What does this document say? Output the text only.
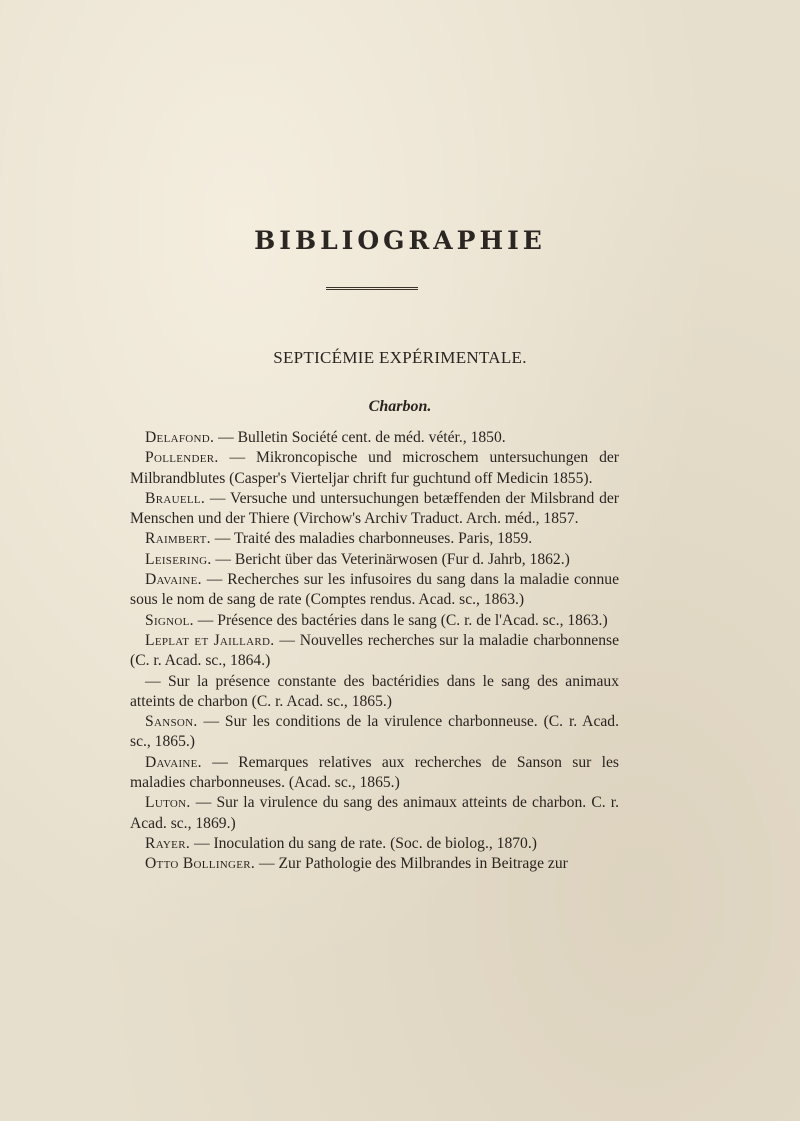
BIBLIOGRAPHIE
SEPTICÉMIE EXPÉRIMENTALE.
Charbon.

Delafond. — Bulletin Société cent. de méd. vétér., 1850.

Pollender. — Mikroncopische und microschem untersuchungen der Milbrandblutes (Casper's Vierteljar chrift fur guchtund off Medicin 1855).

Brauell. — Versuche und untersuchungen betæffenden der Milsbrand der Menschen und der Thiere (Virchow's Archiv Traduct. Arch. méd., 1857.

Raimbert. — Traité des maladies charbonneuses. Paris, 1859.

Leisering. — Bericht über das Veterinärwosen (Fur d. Jahrb, 1862.)

Davaine. — Recherches sur les infusoires du sang dans la maladie connue sous le nom de sang de rate (Comptes rendus. Acad. sc., 1863.)

Signol. — Présence des bactéries dans le sang (C. r. de l'Acad. sc., 1863.)

Leplat et Jaillard. — Nouvelles recherches sur la maladie charbonnense (C. r. Acad. sc., 1864.)

— Sur la présence constante des bactéridies dans le sang des animaux atteints de charbon (C. r. Acad. sc., 1865.)

Sanson. — Sur les conditions de la virulence charbonneuse. (C. r. Acad. sc., 1865.)

Davaine. — Remarques relatives aux recherches de Sanson sur les maladies charbonneuses. (Acad. sc., 1865.)

Luton. — Sur la virulence du sang des animaux atteints de charbon. C. r. Acad. sc., 1869.)

Rayer. — Inoculation du sang de rate. (Soc. de biolog., 1870.)

Otto Bollinger. — Zur Pathologie des Milbrandes in Beitrage zur
